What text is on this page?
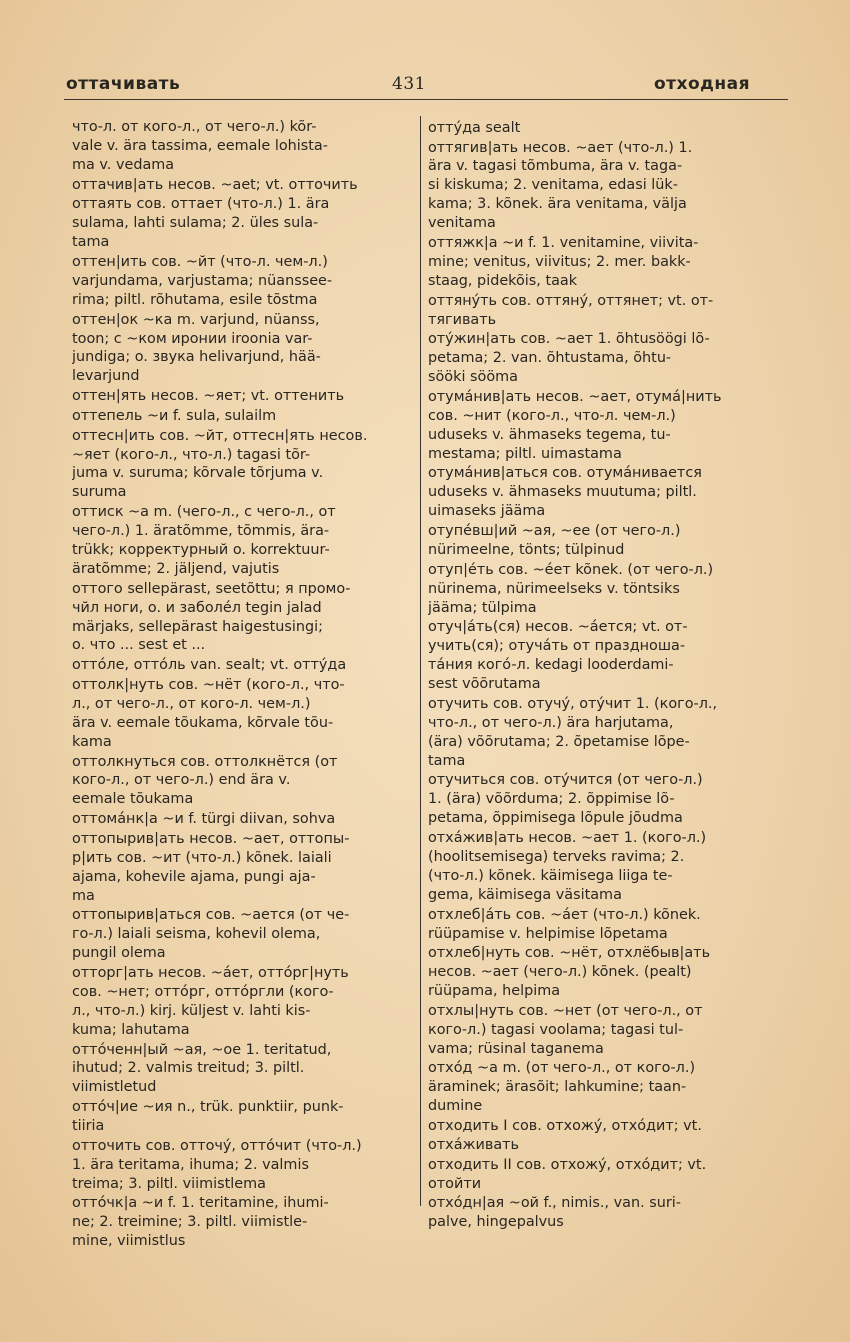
оттачивать	431	отходная
что-л. от кого-л., от чего-л.) kõr-
vale v. ära tassima, eemale lohista-
ma v. vedama
оттачив|ать несов. ~aet; vt. отточить
оттаять сов. оттает (что-л.) 1. ära
sulama, lahti sulama; 2. üles sula-
tama
оттен|ить сов. ~йт (что-л. чем-л.)
varjundama, varjustama; nüanssee-
rima; piltl. rõhutama, esile tõstma
оттен|ок ~ка m. varjund, nüanss,
toon; с ~ком иронии iroonia var-
jundiga; o. звука helivarjund, hää-
levarjund
оттен|ять несов. ~яет; vt. оттенить
оттепель ~и f. sula, sulailm
оттесн|ить сов. ~йт, оттесн|ять несов.
~яет (кого-л., что-л.) tagasi tõr-
juma v. suruma; kõrvale tõrjuma v.
suruma
оттиск ~а m. (чего-л., с чего-л., от
чего-л.) 1. äratõmme, tõmmis, ära-
trükk; корректурный o. korrektuur-
äratõmme; 2. jäljend, vajutis
оттого sellepärast, seetõttu; я промо-
чйл ноги, o. и заболéл tegin jalad
märjaks, sellepärast haigestusingi;
o. что ... sest et ...
оттóле, оттóль van. sealt; vt. оттýда
оттолк|нуть сов. ~нёт (кого-л., что-
л., от чего-л., от кого-л. чем-л.)
ära v. eemale tõukama, kõrvale tõu-
kama
оттолкнуться сов. оттолкнётся (от
кого-л., от чего-л.) end ära v.
eemale tõukama
оттомáнк|а ~и f. türgi diivan, sohva
оттопырив|ать несов. ~aет, оттопы-
р|ить сов. ~ит (что-л.) kõnek. laiali
ajama, kohevile ajama, pungi aja-
ma
оттопырив|аться сов. ~ается (от че-
го-л.) laiali seisma, kohevil olema,
pungil olema
отторг|ать несов. ~áет, оттóрг|нуть
сов. ~нет; оттóрг, оттóргли (кого-
л., что-л.) kirj. küljest v. lahti kis-
kuma; lahutama
оттóченн|ый ~ая, ~ое 1. teritatud,
ihutud; 2. valmis treitud; 3. piltl.
viimistletud
оттóч|ие ~ия n., trük. punktiir, punk-
tiiria
отточить сов. оттoчý, оттóчит (что-л.)
1. ära teritama, ihuma; 2. valmis
treima; 3. piltl. viimistlema
оттóчк|а ~и f. 1. teritamine, ihumi-
ne; 2. treimine; 3. piltl. viimistle-
mine, viimistlus
оттýда sealt
оттягив|ать несов. ~aет (что-л.) 1.
ära v. tagasi tõmbuma, ära v. taga-
si kiskuma; 2. venitama, edasi lük-
kama; 3. kõnek. ära venitama, välja
venitama
оттяжк|а ~и f. 1. venitamine, viivita-
mine; venitus, viivitus; 2. mer. bakk-
staag, pidekõis, taak
оттянýть сов. оттянý, оттянет; vt. от-
тягивать
отýжин|ать сов. ~aет 1. õhtusöögi lõ-
petama; 2. van. õhtustama, õhtu-
sööki sööma
отумáнив|ать несов. ~aет, отумá|нить
сов. ~нит (кого-л., что-л. чем-л.)
uduseks v. ähmaseks tegema, tu-
mestama; piltl. uimastama
отумáнив|аться сов. отумáнивается
uduseks v. ähmaseks muutuma; piltl.
uimaseks jääma
отупéвш|ий ~ая, ~ее (от чего-л.)
nürimeelne, tönts; tülpinud
отуп|éть сов. ~éет kõnek. (от чего-л.)
nürinema, nürimeelseks v. töntsiks
jääma; tülpima
отуч|áть(ся) несов. ~áется; vt. от-
учить(ся); отучáть от праздноша-
тáния когó-л. kedagi looderdami-
sest võõrutama
отучить сов. отучý, отýчит 1. (кого-л.,
что-л., от чего-л.) ära harjutama,
(ära) võõrutama; 2. õpetamise lõpe-
tama
отучиться сов. отýчится (от чего-л.)
1. (ära) võõrduma; 2. õppimise lõ-
petama, õppimisega lõpule jõudma
отхáжив|ать несов. ~aет 1. (кого-л.)
(hoolitsemisega) terveks ravima; 2.
(что-л.) kõnek. käimisega liiga te-
gema, käimisega väsitama
отхлеб|áть сов. ~áет (что-л.) kõnek.
rüüpamise v. helpimise lõpetama
отхлеб|нуть сов. ~нёт, отхлёбыв|ать
несов. ~aет (чего-л.) kõnek. (pealt)
rüüpama, helpima
отхлы|нуть сов. ~нет (от чего-л., от
кого-л.) tagasi voolama; tagasi tul-
vama; rüsinal taganema
отхóд ~а m. (от чего-л., от кого-л.)
äraminek; ärasõit; lahkumine; taan-
dumine
отходить I сов. отхожý, отхóдит; vt.
отхáживать
отходить II сов. отхожý, отхóдит; vt.
отойти
отхóдн|ая ~ой f., nimis., van. suri-
palve, hingepalvus
